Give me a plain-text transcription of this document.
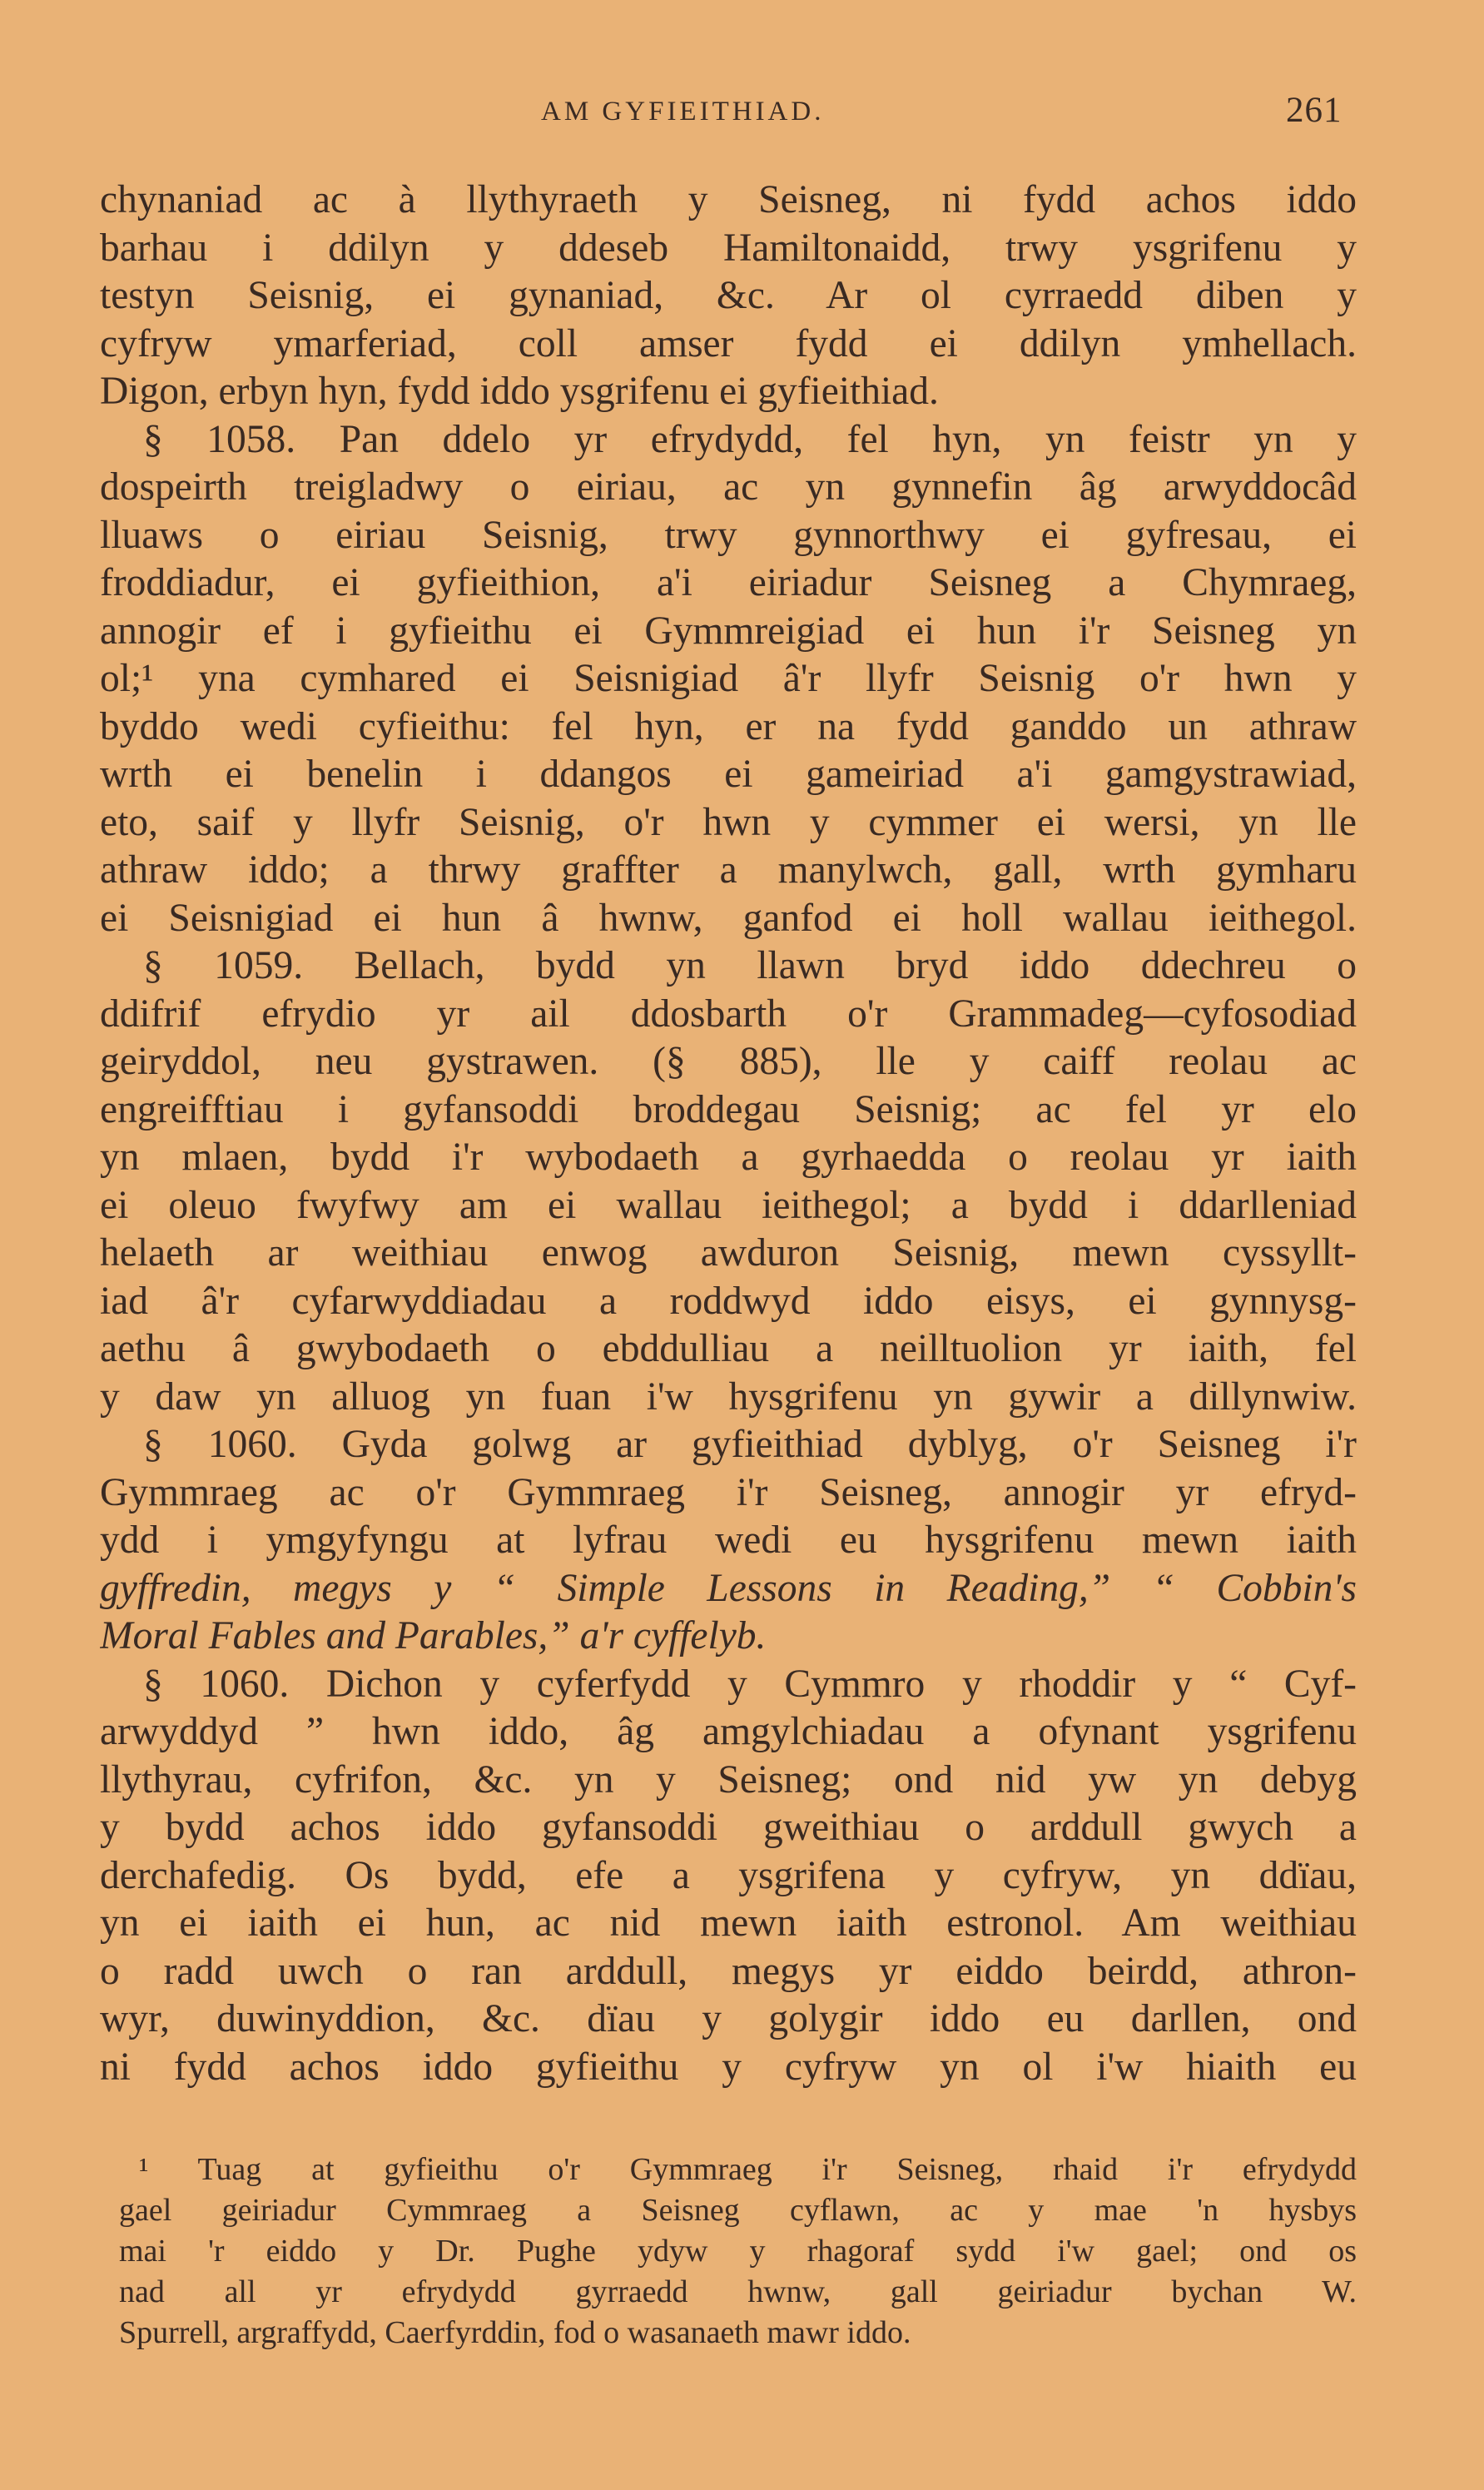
AM GYFIEITHIAD.	261
chynaniad ac à llythyraeth y Seisneg, ni fydd achos iddo
barhau i ddilyn y ddeseb Hamiltonaidd, trwy ysgrifenu y
testyn Seisnig, ei gynaniad, &c. Ar ol cyrraedd diben y
cyfryw ymarferiad, coll amser fydd ei ddilyn ymhellach.
Digon, erbyn hyn, fydd iddo ysgrifenu ei gyfieithiad.
§ 1058. Pan ddelo yr efrydydd, fel hyn, yn feistr yn y
dospeirth treigladwy o eiriau, ac yn gynnefin âg arwyddocâd
lluaws o eiriau Seisnig, trwy gynnorthwy ei gyfresau, ei
froddiadur, ei gyfieithion, a'i eiriadur Seisneg a Chymraeg,
annogir ef i gyfieithu ei Gymmreigiad ei hun i'r Seisneg yn
ol;¹ yna cymhared ei Seisnigiad â'r llyfr Seisnig o'r hwn y
byddo wedi cyfieithu: fel hyn, er na fydd ganddo un athraw
wrth ei benelin i ddangos ei gameiriad a'i gamgystrawiad,
eto, saif y llyfr Seisnig, o'r hwn y cymmer ei wersi, yn lle
athraw iddo; a thrwy graffter a manylwch, gall, wrth gymharu
ei Seisnigiad ei hun â hwnw, ganfod ei holl wallau ieithegol.
§ 1059. Bellach, bydd yn llawn bryd iddo ddechreu o
ddifrif efrydio yr ail ddosbarth o'r Grammadeg—cyfosodiad
geiryddol, neu gystrawen. (§ 885), lle y caiff reolau ac
engreifftiau i gyfansoddi broddegau Seisnig; ac fel yr elo
yn mlaen, bydd i'r wybodaeth a gyrhaedda o reolau yr iaith
ei oleuo fwyfwy am ei wallau ieithegol; a bydd i ddarlleniad
helaeth ar weithiau enwog awduron Seisnig, mewn cyssyllt-
iad â'r cyfarwyddiadau a roddwyd iddo eisys, ei gynnysg-
aethu â gwybodaeth o ebddulliau a neilltuolion yr iaith, fel
y daw yn alluog yn fuan i'w hysgrifenu yn gywir a dillynwiw.
§ 1060. Gyda golwg ar gyfieithiad dyblyg, o'r Seisneg i'r
Gymmraeg ac o'r Gymmraeg i'r Seisneg, annogir yr efryd-
ydd i ymgyfyngu at lyfrau wedi eu hysgrifenu mewn iaith
gyffredin, megys y “ Simple Lessons in Reading,” “ Cobbin's
Moral Fables and Parables,” a'r cyffelyb.
§ 1060. Dichon y cyferfydd y Cymmro y rhoddir y “ Cyf-
arwyddyd ” hwn iddo, âg amgylchiadau a ofynant ysgrifenu
llythyrau, cyfrifon, &c. yn y Seisneg; ond nid yw yn debyg
y bydd achos iddo gyfansoddi gweithiau o arddull gwych a
derchafedig. Os bydd, efe a ysgrifena y cyfryw, yn ddïau,
yn ei iaith ei hun, ac nid mewn iaith estronol. Am weithiau
o radd uwch o ran arddull, megys yr eiddo beirdd, athron-
wyr, duwinyddion, &c. dïau y golygir iddo eu darllen, ond
ni fydd achos iddo gyfieithu y cyfryw yn ol i'w hiaith eu
¹ Tuag at gyfieithu o'r Gymmraeg i'r Seisneg, rhaid i'r efrydydd
gael geiriadur Cymmraeg a Seisneg cyflawn, ac y mae 'n hysbys
mai 'r eiddo y Dr. Pughe ydyw y rhagoraf sydd i'w gael; ond os
nad all yr efrydydd gyrraedd hwnw, gall geiriadur bychan W.
Spurrell, argraffydd, Caerfyrddin, fod o wasanaeth mawr iddo.
